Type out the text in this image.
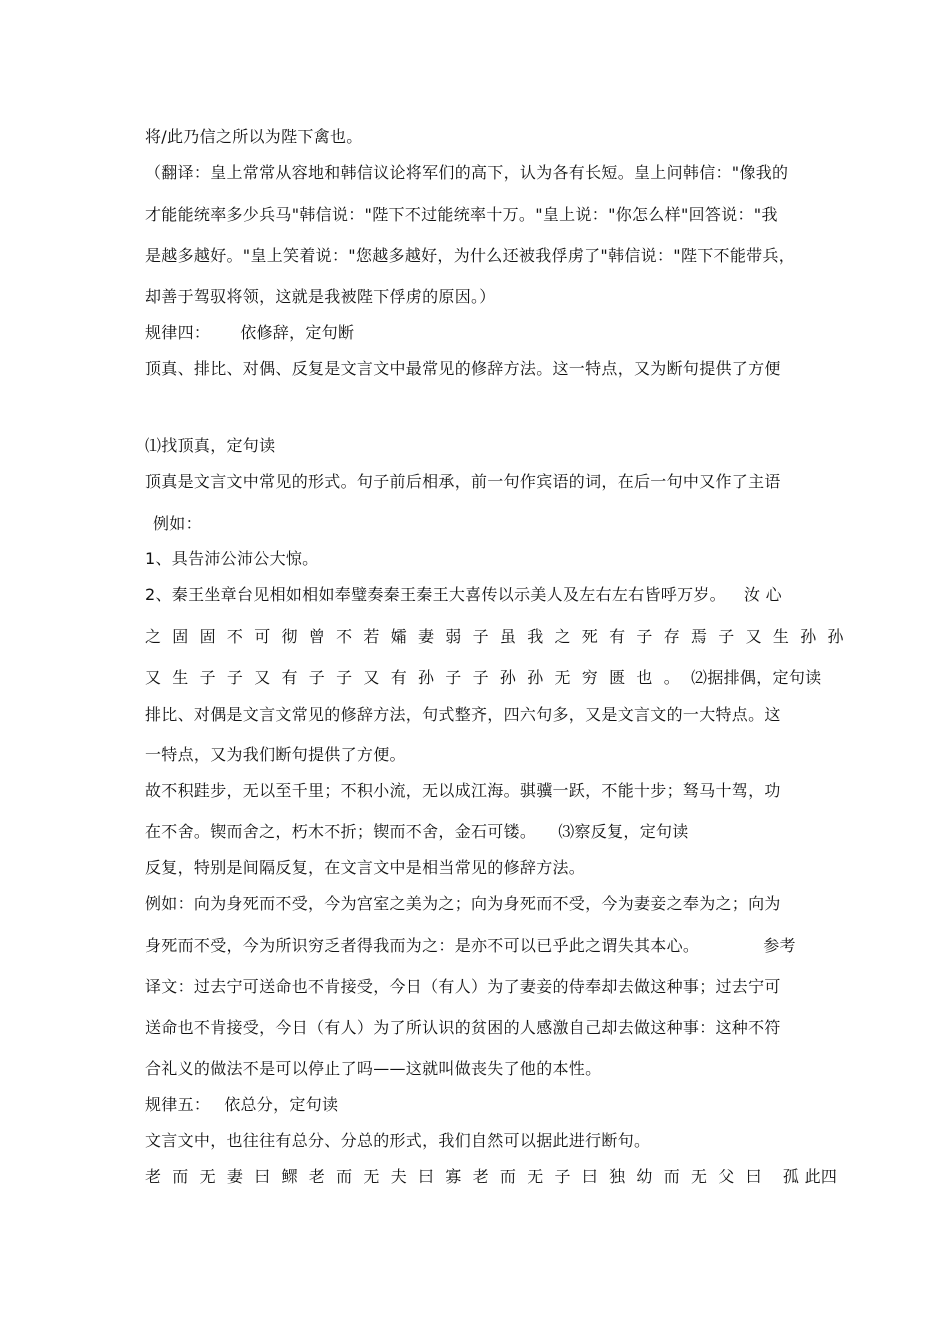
将/此乃信之所以为陛下禽也。
（翻译：皇上常常从容地和韩信议论将军们的高下，认为各有长短。皇上问韩信："像我的
才能能统率多少兵马"韩信说："陛下不过能统率十万。"皇上说："你怎么样"回答说："我
是越多越好。"皇上笑着说："您越多越好，为什么还被我俘虏了"韩信说："陛下不能带兵，
却善于驾驭将领，这就是我被陛下俘虏的原因。）
规律四： 依修辞，定句断
顶真、排比、对偶、反复是文言文中最常见的修辞方法。这一特点，又为断句提供了方便
⑴找顶真，定句读
顶真是文言文中常见的形式。句子前后相承，前一句作宾语的词，在后一句中又作了主语
例如：
1、具告沛公沛公大惊。
2、秦王坐章台见相如相如奉璧奏秦王秦王大喜传以示美人及左右左右皆呼万岁。 汝 心
之固固不可彻曾不若孀妻弱子虽我之死有子存焉子又生孙孙
又生子子又有子子又有孙子子孙孙无穷匮也。⑵据排偶，定句读
排比、对偶是文言文常见的修辞方法，句式整齐，四六句多，又是文言文的一大特点。这
一特点，又为我们断句提供了方便。
故不积跬步，无以至千里；不积小流，无以成江海。骐骥一跃，不能十步；驽马十驾，功
在不舍。锲而舍之，朽木不折；锲而不舍，金石可镂。 ⑶察反复，定句读
反复，特别是间隔反复，在文言文中是相当常见的修辞方法。
例如：向为身死而不受，今为宫室之美为之；向为身死而不受，今为妻妾之奉为之；向为
身死而不受，今为所识穷乏者得我而为之：是亦不可以已乎此之谓失其本心。	参考
译文：过去宁可送命也不肯接受，今日（有人）为了妻妾的侍奉却去做这种事；过去宁可
送命也不肯接受，今日（有人）为了所认识的贫困的人感激自己却去做这种事：这种不符
合礼义的做法不是可以停止了吗——这就叫做丧失了他的本性。
规律五： 依总分，定句读
文言文中，也往往有总分、分总的形式，我们自然可以据此进行断句。
老而无妻曰鳏老而无夫曰寡老而无子曰独幼而无父曰 孤 此四
